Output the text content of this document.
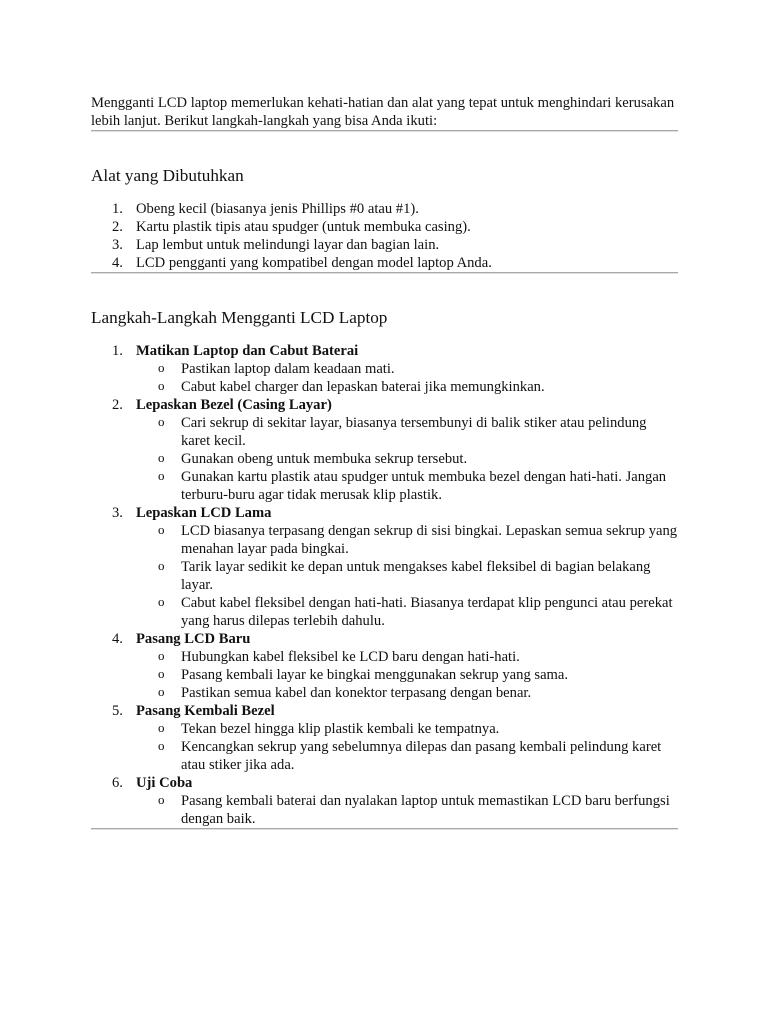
Mengganti LCD laptop memerlukan kehati-hatian dan alat yang tepat untuk menghindari kerusakan lebih lanjut. Berikut langkah-langkah yang bisa Anda ikuti:

Alat yang Dibutuhkan
1. Obeng kecil (biasanya jenis Phillips #0 atau #1).
2. Kartu plastik tipis atau spudger (untuk membuka casing).
3. Lap lembut untuk melindungi layar dan bagian lain.
4. LCD pengganti yang kompatibel dengan model laptop Anda.
Langkah-Langkah Mengganti LCD Laptop
1. Matikan Laptop dan Cabut Baterai
o Pastikan laptop dalam keadaan mati.
o Cabut kabel charger dan lepaskan baterai jika memungkinkan.
2. Lepaskan Bezel (Casing Layar)
o Cari sekrup di sekitar layar, biasanya tersembunyi di balik stiker atau pelindung karet kecil.
o Gunakan obeng untuk membuka sekrup tersebut.
o Gunakan kartu plastik atau spudger untuk membuka bezel dengan hati-hati. Jangan terburu-buru agar tidak merusak klip plastik.
3. Lepaskan LCD Lama
o LCD biasanya terpasang dengan sekrup di sisi bingkai. Lepaskan semua sekrup yang menahan layar pada bingkai.
o Tarik layar sedikit ke depan untuk mengakses kabel fleksibel di bagian belakang layar.
o Cabut kabel fleksibel dengan hati-hati. Biasanya terdapat klip pengunci atau perekat yang harus dilepas terlebih dahulu.
4. Pasang LCD Baru
o Hubungkan kabel fleksibel ke LCD baru dengan hati-hati.
o Pasang kembali layar ke bingkai menggunakan sekrup yang sama.
o Pastikan semua kabel dan konektor terpasang dengan benar.
5. Pasang Kembali Bezel
o Tekan bezel hingga klip plastik kembali ke tempatnya.
o Kencangkan sekrup yang sebelumnya dilepas dan pasang kembali pelindung karet atau stiker jika ada.
6. Uji Coba
o Pasang kembali baterai dan nyalakan laptop untuk memastikan LCD baru berfungsi dengan baik.
